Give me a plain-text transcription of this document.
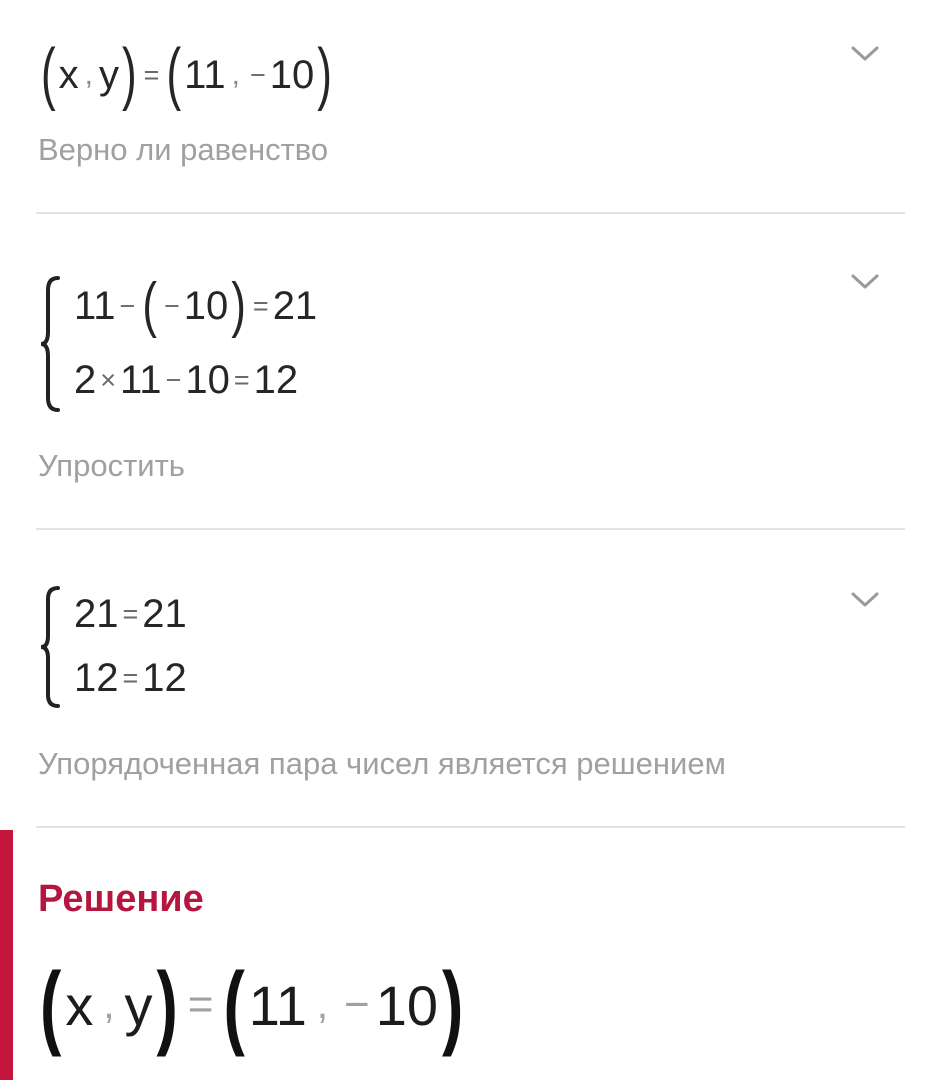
( x , y ) = ( 11 , − 10 )
Верно ли равенство
11 − ( − 10 ) = 21
2 × 11 − 10 = 12
Упростить
21 = 21
12 = 12
Упорядоченная пара чисел является решением
Решение
( x , y ) = ( 11 , − 10 )
